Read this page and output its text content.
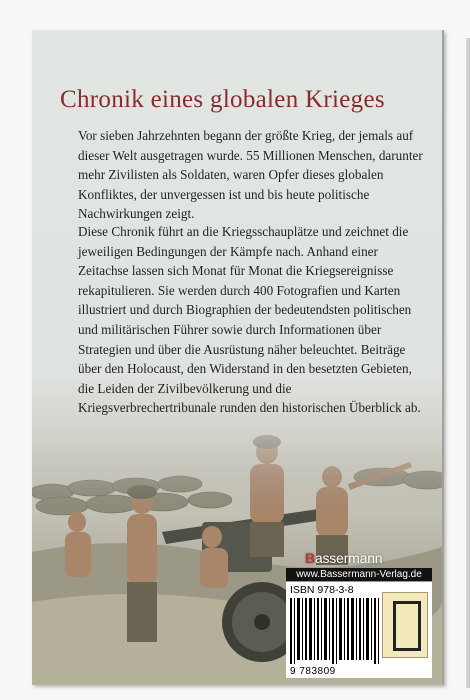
Chronik eines globalen Krieges

Vor sieben Jahrzehnten begann der größte Krieg, der jemals auf dieser Welt ausgetragen wurde. 55 Millionen Menschen, darunter mehr Zivilisten als Soldaten, waren Opfer dieses globalen Konfliktes, der unvergessen ist und bis heute politische Nachwirkungen zeigt.

Diese Chronik führt an die Kriegsschauplätze und zeichnet die jeweiligen Bedingungen der Kämpfe nach. Anhand einer Zeitachse lassen sich Monat für Monat die Kriegsereignisse rekapitulieren. Sie werden durch 400 Fotografien und Karten illustriert und durch Biographien der bedeutendsten politischen und militärischen Führer sowie durch Informationen über Strategien und über die Ausrüstung näher beleuchtet. Beiträge über den Holocaust, den Widerstand in den besetzten Gebieten, die Leiden der Zivilbevölkerung und die Kriegsverbrechertribunale runden den historischen Überblick ab.

Bassermann
www.Bassermann-Verlag.de
ISBN 978-3-8
9 783809
